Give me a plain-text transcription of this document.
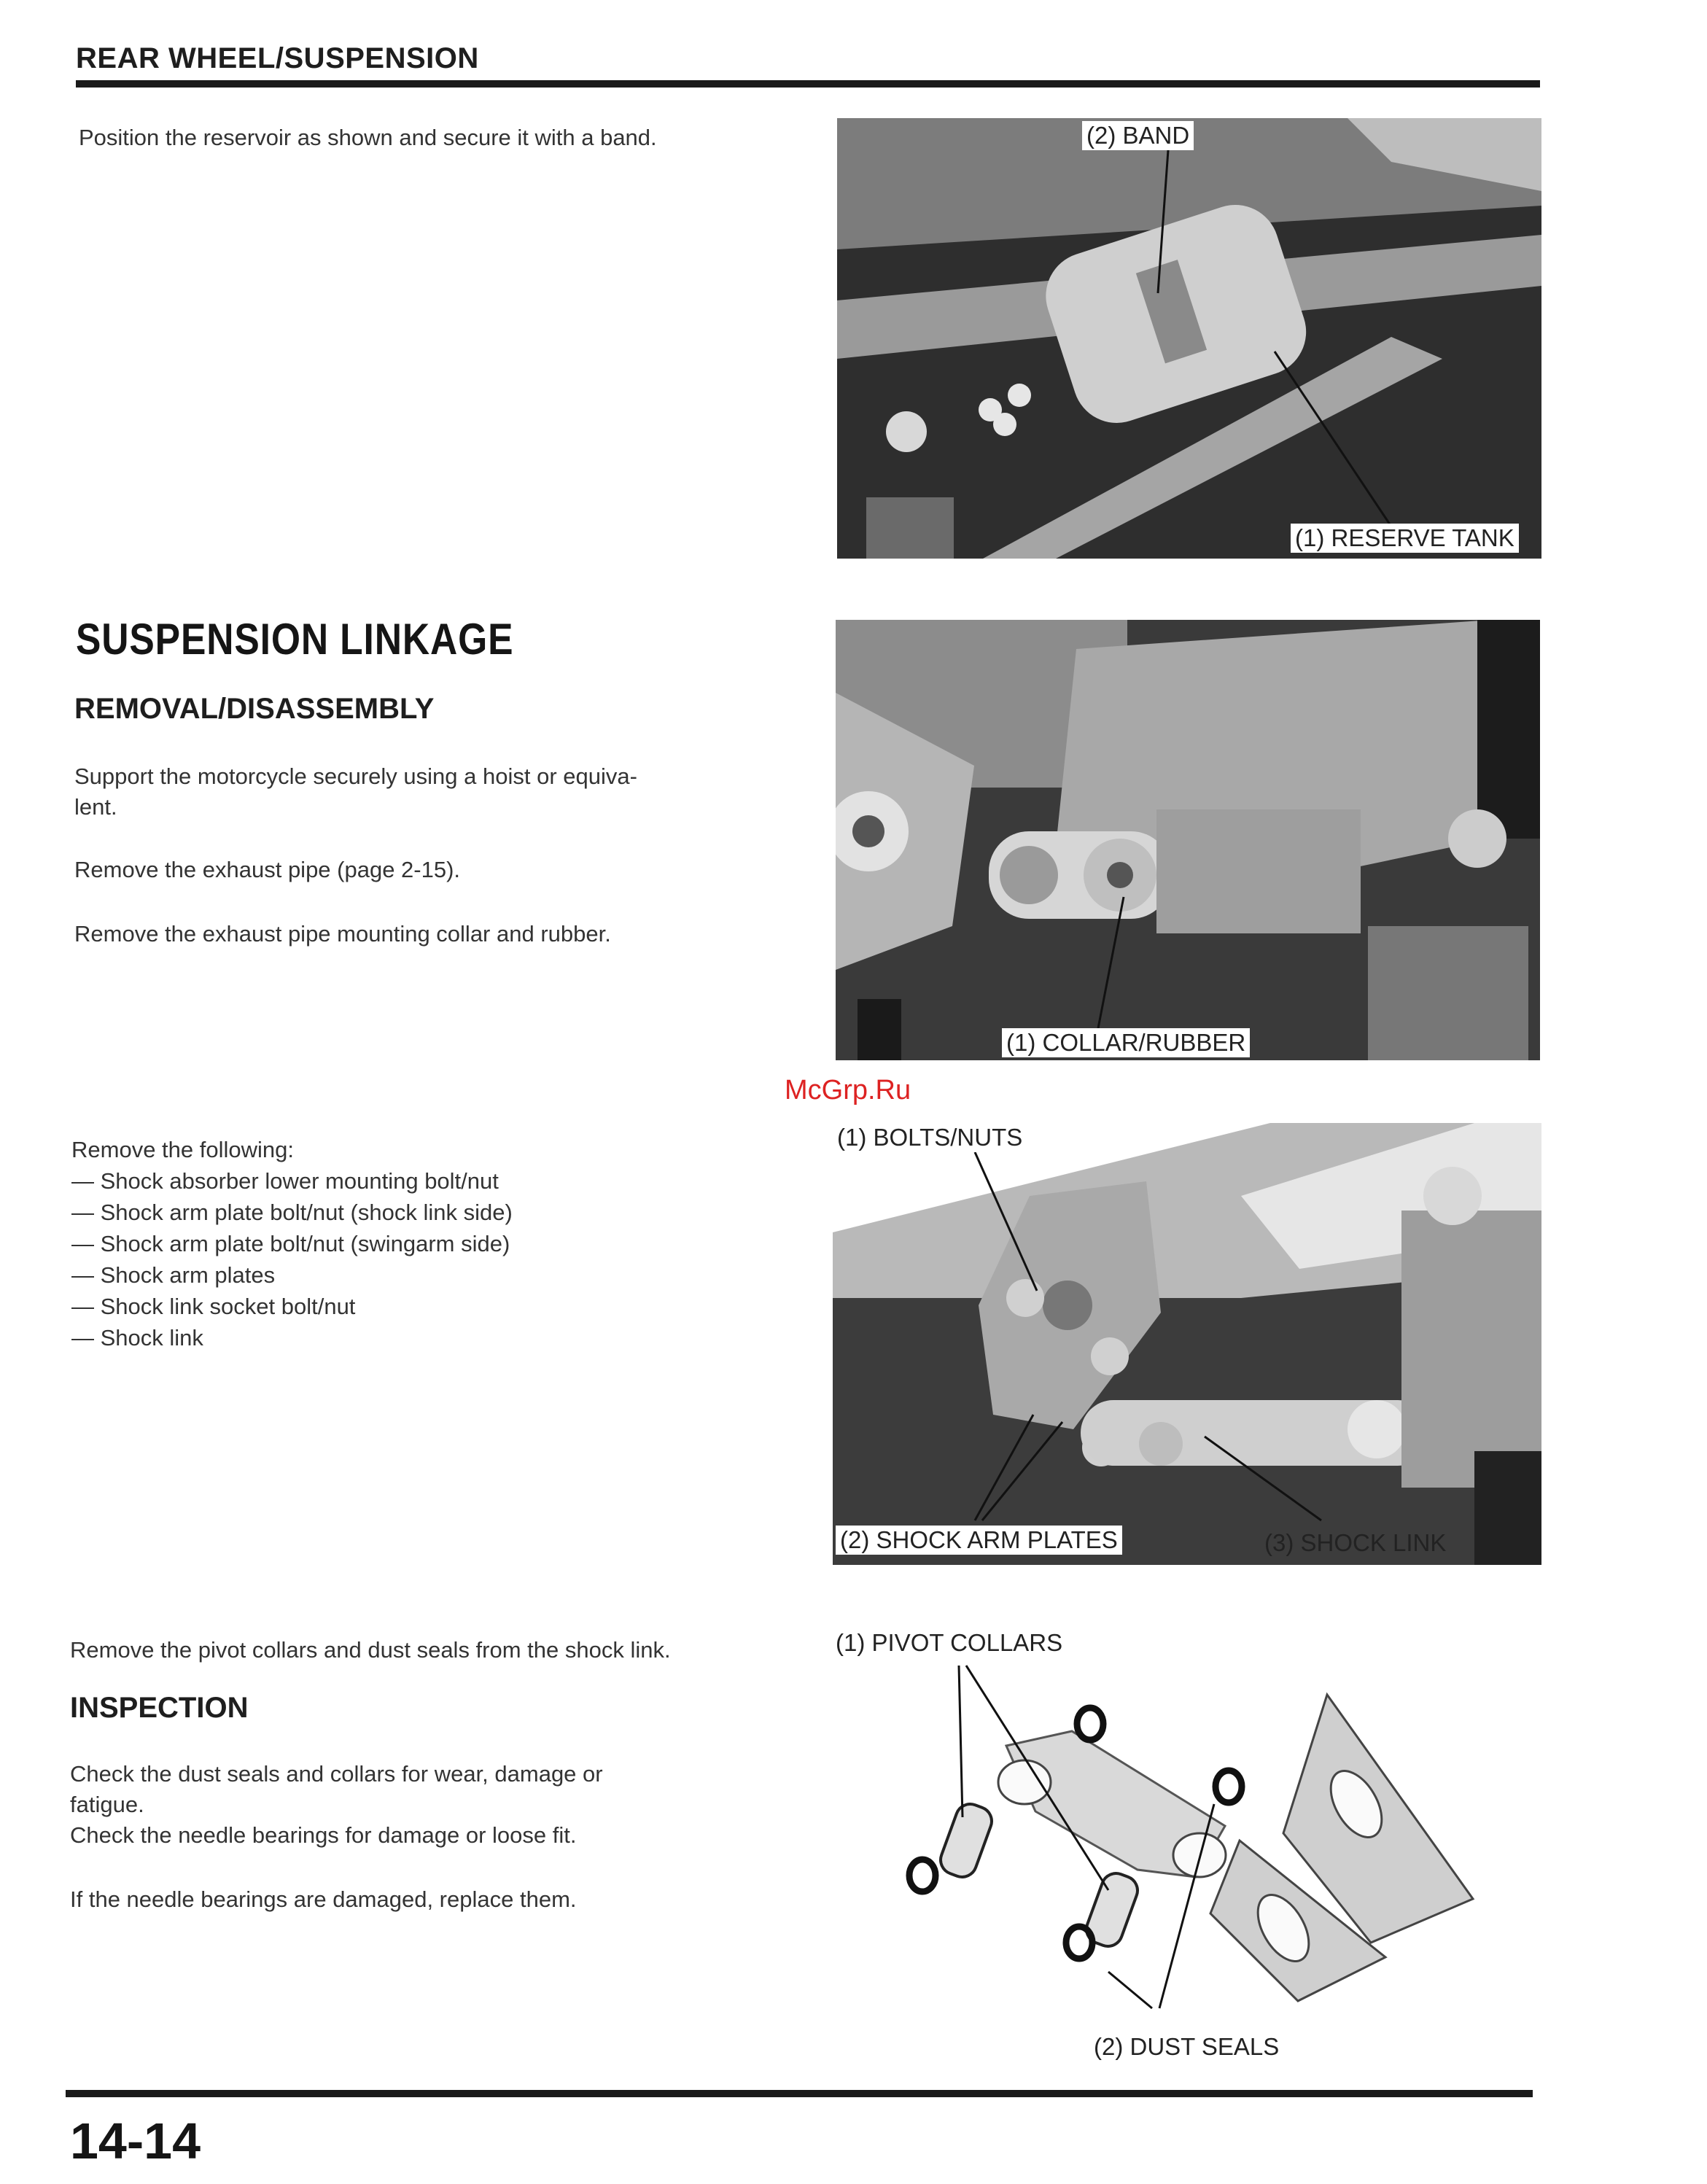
REAR WHEEL/SUSPENSION
Position the reservoir as shown and secure it with a band.	(2) BAND
(1) RESERVE TANK
SUSPENSION LINKAGE
REMOVAL/DISASSEMBLY
Support the motorcycle securely using a hoist or equiva-
lent.
Remove the exhaust pipe (page 2-15).
Remove the exhaust pipe mounting collar and rubber.
(1) COLLAR/RUBBER
McGrp.Ru
Remove the following:
— Shock absorber lower mounting bolt/nut
— Shock arm plate bolt/nut (shock link side)
— Shock arm plate bolt/nut (swingarm side)
— Shock arm plates
— Shock link socket bolt/nut
— Shock link
(1) BOLTS/NUTS
(2) SHOCK ARM PLATES	(3) SHOCK LINK
Remove the pivot collars and dust seals from the shock link.
INSPECTION
Check the dust seals and collars for wear, damage or
fatigue.
Check the needle bearings for damage or loose fit.
If the needle bearings are damaged, replace them.
(1) PIVOT COLLARS
(2) DUST SEALS
14-14
